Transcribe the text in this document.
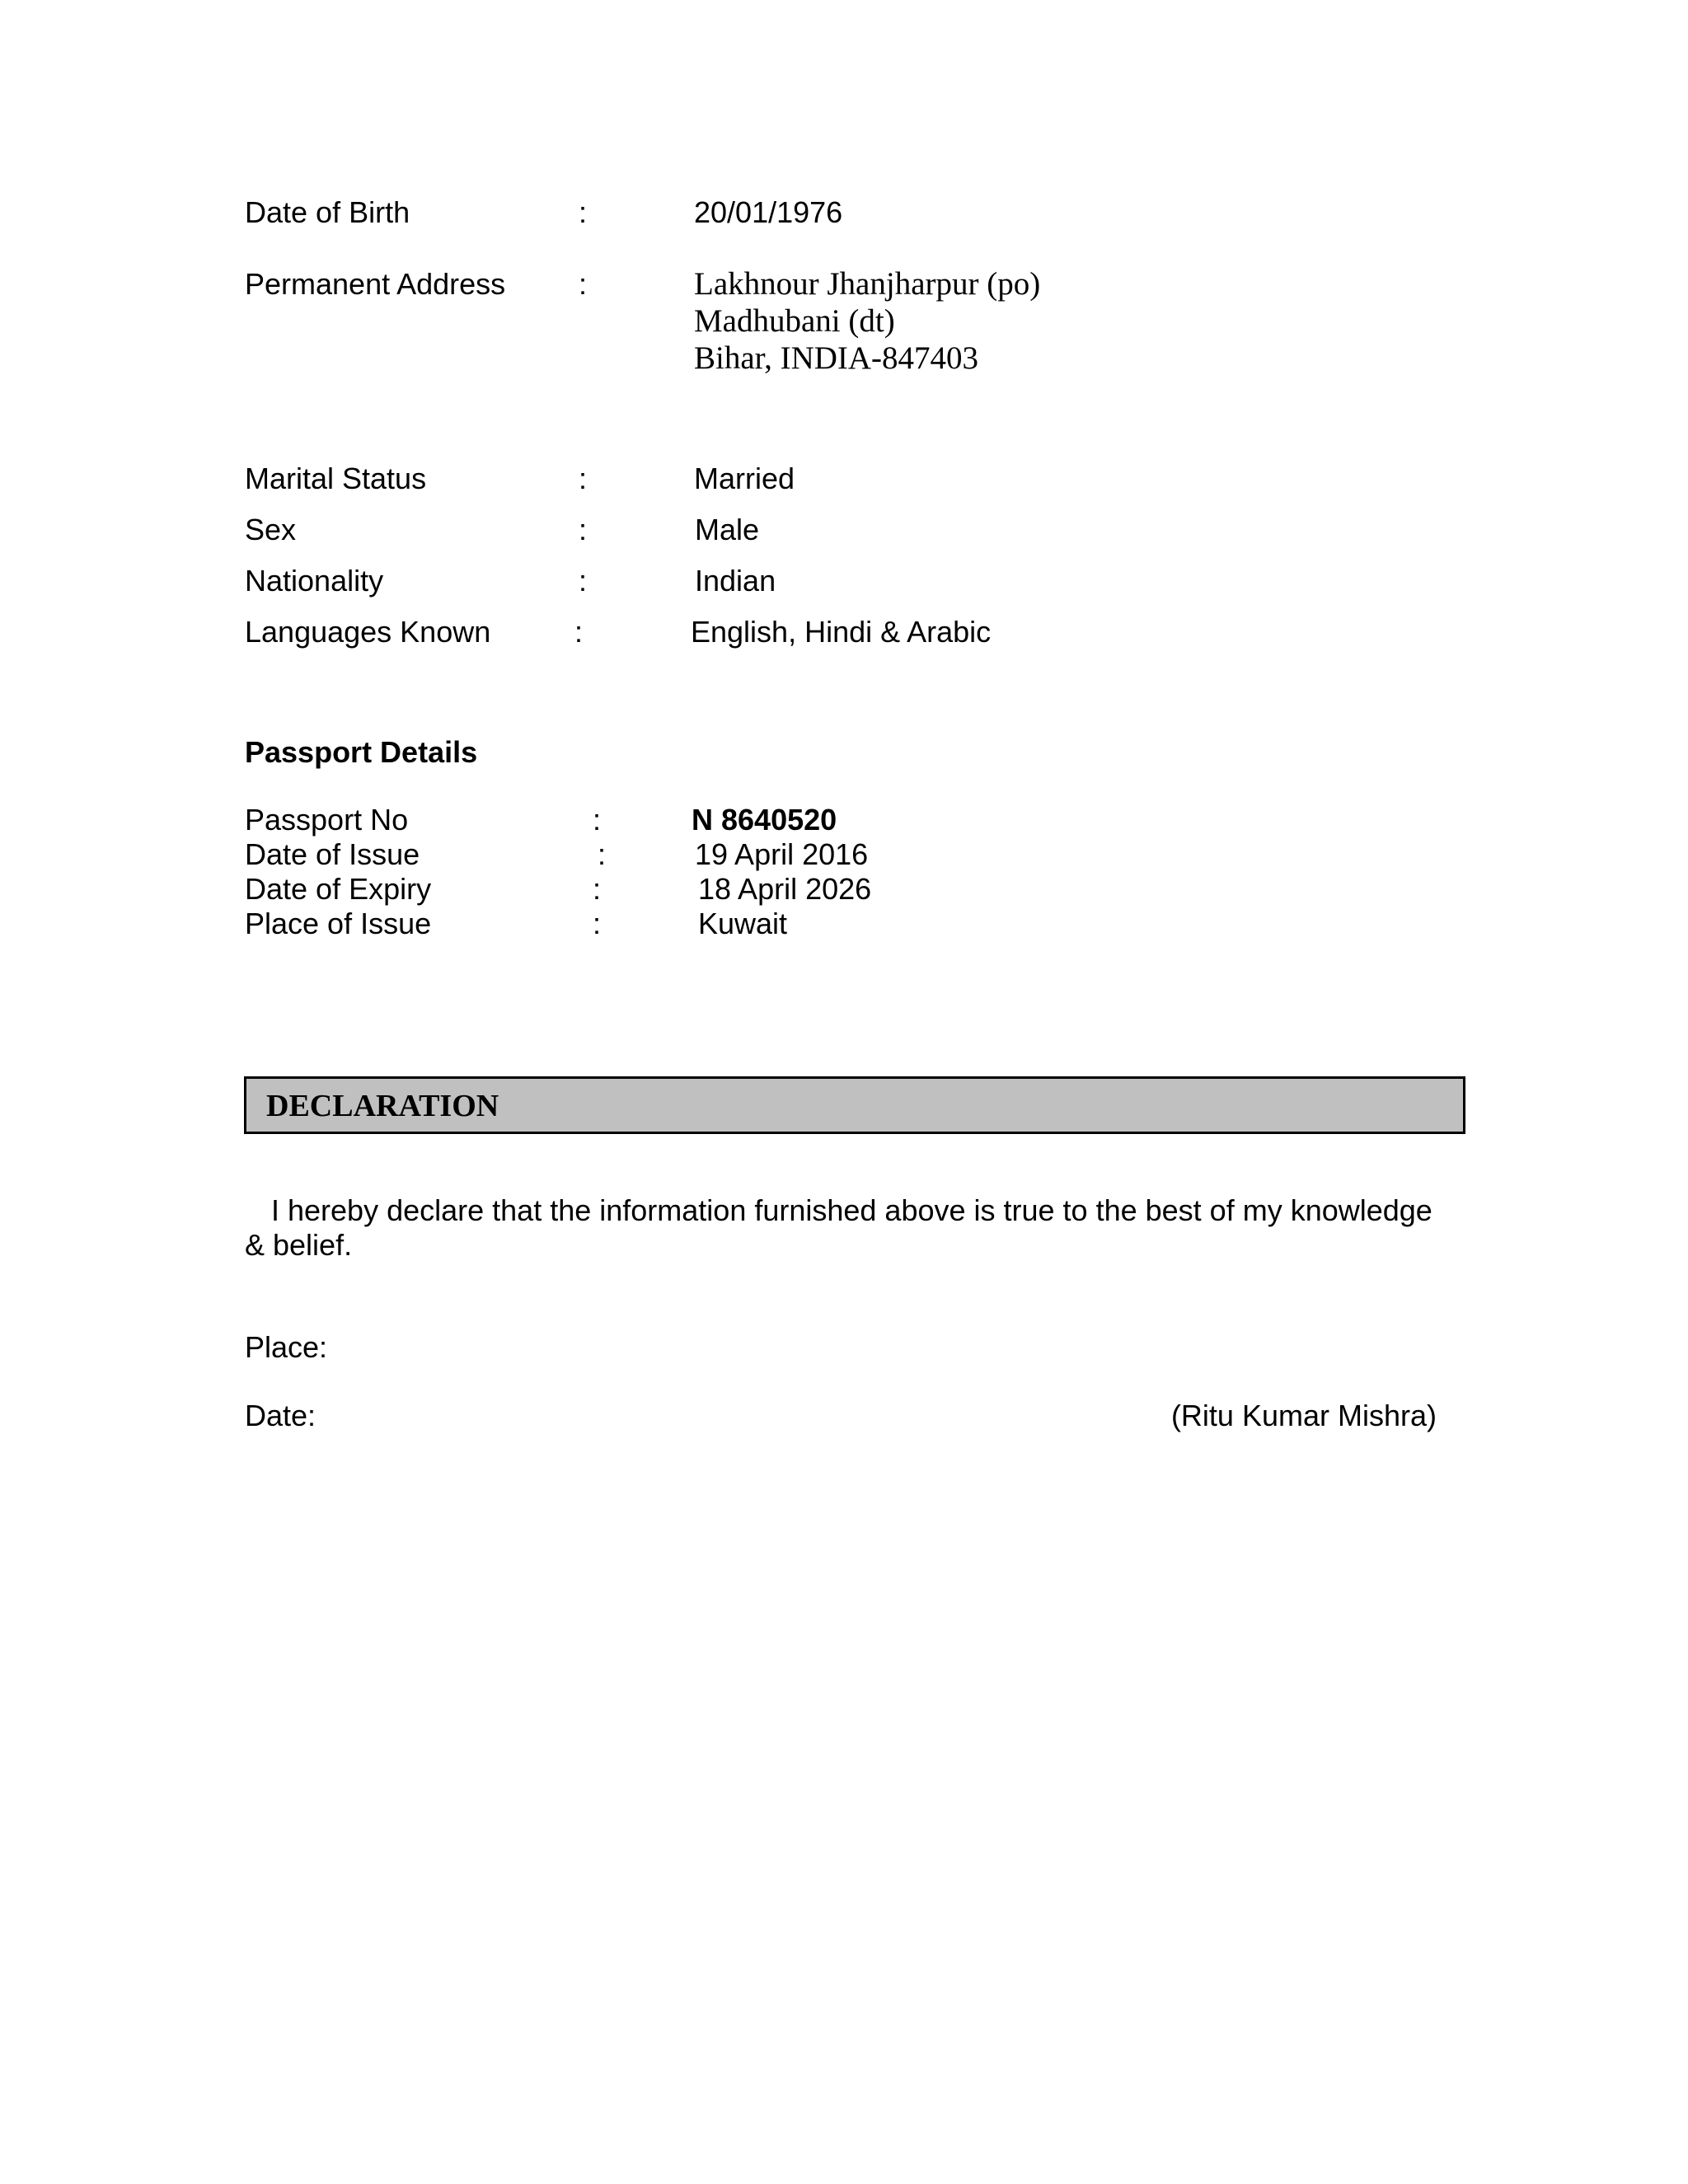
Date of Birth	:	20/01/1976
Permanent Address :	Lakhnour Jhanjharpur (po)
Madhubani (dt)
Bihar, INDIA-847403
Marital Status	:	Married
Sex	:	Male
Nationality	:	Indian
Languages Known	:	English, Hindi & Arabic
Passport Details
Passport No	:	N 8640520
Date of Issue	:	19 April 2016
Date of Expiry	:	18 April 2026
Place of Issue	:	Kuwait
DECLARATION
I hereby declare that the information furnished above is true to the best of my knowledge & belief.
Place:
Date:	(Ritu Kumar Mishra)
